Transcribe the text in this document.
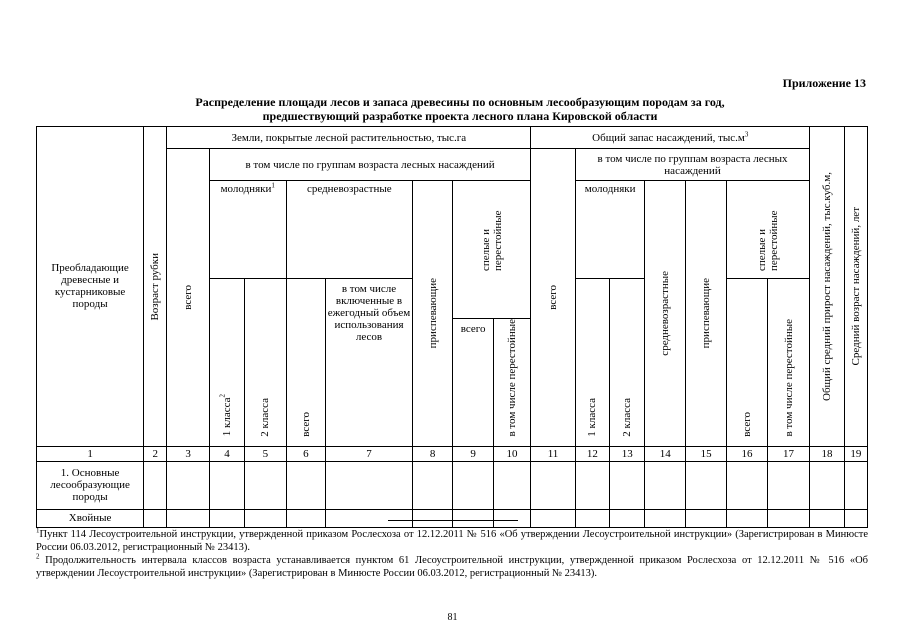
Приложение 13
Распределение площади лесов и запаса древесины по основным лесообразующим породам за год,
предшествующий разработке проекта лесного плана Кировской области
Преобладающие древесные и кустарниковые породы	Возраст рубки	Земли, покрытые лесной растительностью, тыс.га								Общий запас насаждений, $тыс.м^3$							Общий средний прирост насаждений, тыс.куб.м,	Средний возраст насаждений, лет

		всего	в том числе по группам возраста лесных насаждений							всего	в том числе по группам возраста лесных насаждений							
			молодняки$^1$		средневозрастные		приспевающие	спелые и перестойные			молодняки		средневозрастные	приспевающие	спелые и перестойные			
			1 класса$^2$	2 класса	всего	в том числе включенные в ежегодный объем использования лесов					1 класса	2 класса			всего	в том числе перестойные		
								всего	в том числе перестойные									
1	2	3	4	5	6	7	8	9	10	11	12	13	14	15	16	17	18	19
1. Основные лесообразующие породы																		
Хвойные																		

$^1$Пункт 114 Лесоустроительной инструкции, утвержденной приказом Рослесхоза от 12.12.2011 № 516 «Об утверждении Лесоустроительной инструкции» (Зарегистрирован в Минюсте России 06.03.2012, регистрационный № 23413).

$^2$ Продолжительность интервала классов возраста устанавливается пунктом 61 Лесоустроительной инструкции, утвержденной приказом Рослесхоза от 12.12.2011 № 516 «Об утверждении Лесоустроительной инструкции» (Зарегистрирован в Минюсте России 06.03.2012, регистрационный № 23413).

81
